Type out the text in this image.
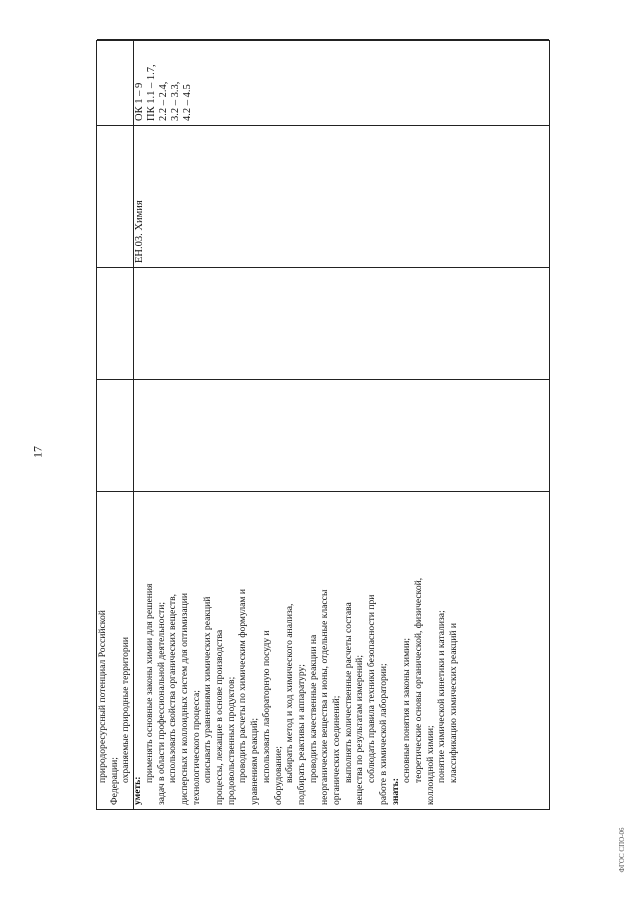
17
ФГОС СПО-06
природоресурсный потенциал Российской Федерации; охраняемые природные территории
уметь:
применять основные законы химии для решения задач в области профессиональной деятельности; использовать свойства органических веществ, дисперсных и коллоидных систем для оптимизации технологического процесса; описывать уравнениями химических реакций процессы, лежащие в основе производства продовольственных продуктов; проводить расчеты по химическим формулам и уравнениям реакций; использовать лабораторную посуду и оборудование; выбирать метод и ход химического анализа, подбирать реактивы и аппаратуру; проводить качественные реакции на неорганические вещества и ионы, отдельные классы органических соединений; выполнять количественные расчеты состава вещества по результатам измерений; соблюдать правила техники безопасности при работе в химической лаборатории; знать:
основные понятия и законы химии; теоретические основы органической, физической, коллоидной химии; понятие химической кинетики и катализа; классификацию химических реакций и
ЕН.03. Химия
ОК 1 – 9 ПК 1.1 – 1.7, 2.2 – 2.4, 3.2 – 3.3, 4.2 – 4.5
